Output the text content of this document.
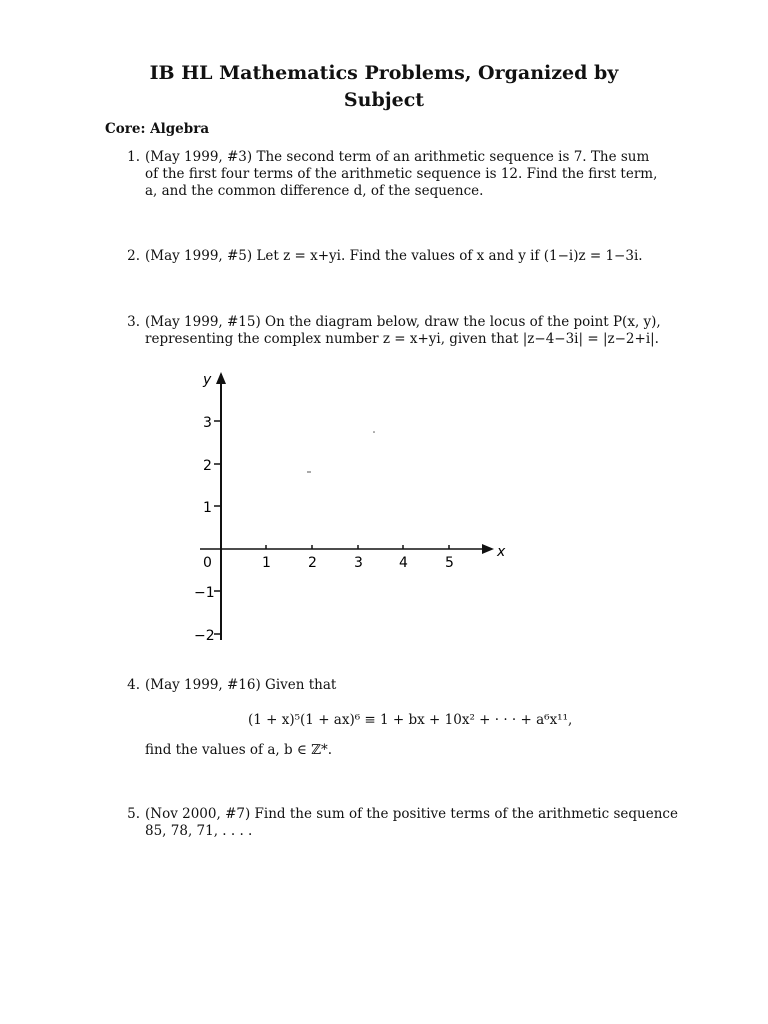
IB HL Mathematics Problems, Organized by
Subject
Core: Algebra
1. (May 1999, #3) The second term of an arithmetic sequence is 7. The sum
of the first four terms of the arithmetic sequence is 12. Find the first term,
a, and the common difference d, of the sequence.
2. (May 1999, #5) Let z = x+yi. Find the values of x and y if (1−i)z = 1−3i.
3. (May 1999, #15) On the diagram below, draw the locus of the point P(x, y),
representing the complex number z = x+yi, given that |z−4−3i| = |z−2+i|.
y
x
3
2
1
−1
−2
0	1	2	3	4	5
4. (May 1999, #16) Given that
(1 + x)⁵(1 + ax)⁶ ≡ 1 + bx + 10x² + · · · + a⁶x¹¹,
find the values of a, b ∈ ℤ*.
5. (Nov 2000, #7) Find the sum of the positive terms of the arithmetic sequence
85, 78, 71, . . . .
